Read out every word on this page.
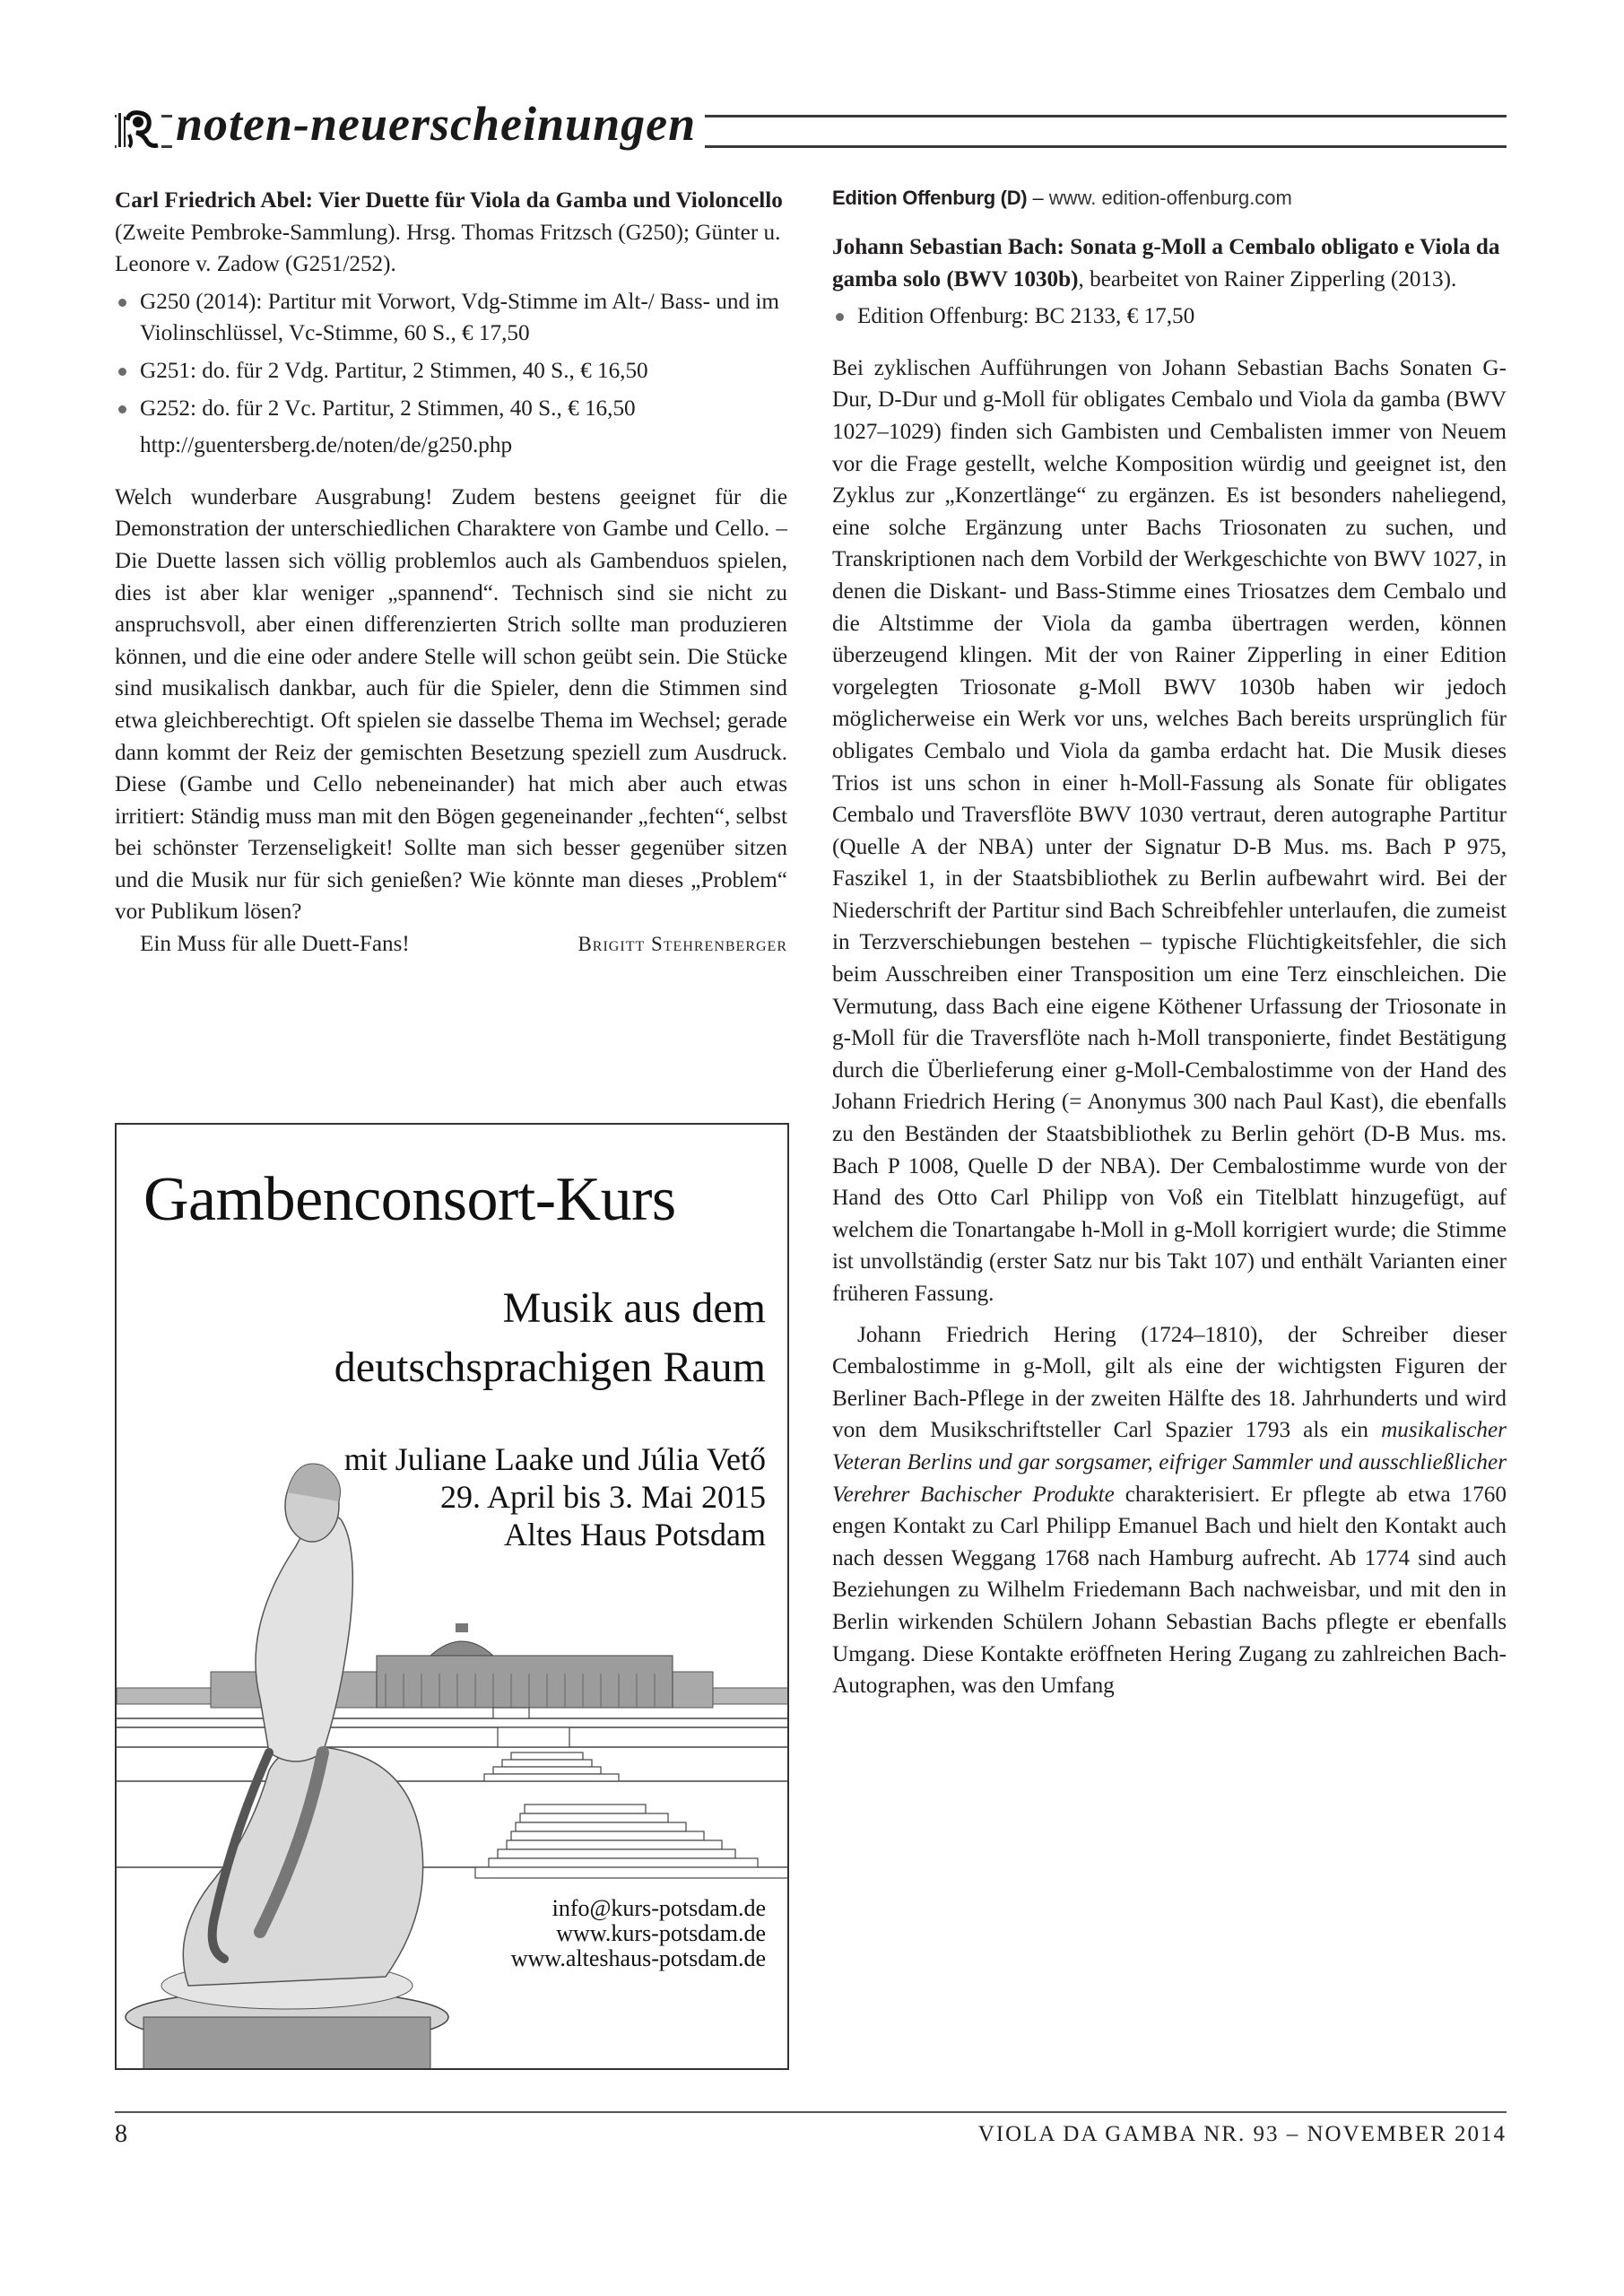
noten-neuerscheinungen

Carl Friedrich Abel: Vier Duette für Viola da Gamba und Violoncello (Zweite Pembroke-Sammlung). Hrsg. Thomas Fritzsch (G250); Günter u. Leonore v. Zadow (G251/252).

G250 (2014): Partitur mit Vorwort, Vdg-Stimme im Alt-/ Bass- und im Violinschlüssel, Vc-Stimme, 60 S., € 17,50
G251: do. für 2 Vdg. Partitur, 2 Stimmen, 40 S., € 16,50
G252: do. für 2 Vc. Partitur, 2 Stimmen, 40 S., € 16,50

http://guentersberg.de/noten/de/g250.php

Welch wunderbare Ausgrabung! Zudem bestens geeignet für die Demonstration der unterschiedlichen Charaktere von Gambe und Cello. – Die Duette lassen sich völlig problemlos auch als Gambenduos spielen, dies ist aber klar weniger „spannend“. Technisch sind sie nicht zu anspruchsvoll, aber einen differenzierten Strich sollte man produzieren können, und die eine oder andere Stelle will schon geübt sein. Die Stücke sind musikalisch dankbar, auch für die Spieler, denn die Stimmen sind etwa gleichberechtigt. Oft spielen sie dasselbe Thema im Wechsel; gerade dann kommt der Reiz der gemischten Besetzung speziell zum Ausdruck. Diese (Gambe und Cello nebeneinander) hat mich aber auch etwas irritiert: Ständig muss man mit den Bögen gegeneinander „fechten“, selbst bei schönster Terzenseligkeit! Sollte man sich besser gegenüber sitzen und die Musik nur für sich genießen? Wie könnte man dieses „Problem“ vor Publikum lösen?

Ein Muss für alle Duett-Fans!	Brigitt Stehrenberger

Gambenconsort-Kurs
Musik aus dem
deutschsprachigen Raum
mit Juliane Laake und Júlia Vető
29. April bis 3. Mai 2015
Altes Haus Potsdam
info@kurs-potsdam.de
www.kurs-potsdam.de
www.alteshaus-potsdam.de

Edition Offenburg (D) – www. edition-offenburg.com

Johann Sebastian Bach: Sonata g-Moll a Cembalo obligato e Viola da gamba solo (BWV 1030b), bearbeitet von Rainer Zipperling (2013).

Edition Offenburg: BC 2133, € 17,50

Bei zyklischen Aufführungen von Johann Sebastian Bachs Sonaten G-Dur, D-Dur und g-Moll für obligates Cembalo und Viola da gamba (BWV 1027–1029) finden sich Gambisten und Cembalisten immer von Neuem vor die Frage gestellt, welche Komposition würdig und geeignet ist, den Zyklus zur „Konzertlänge“ zu ergänzen. Es ist besonders naheliegend, eine solche Ergänzung unter Bachs Triosonaten zu suchen, und Transkriptionen nach dem Vorbild der Werkgeschichte von BWV 1027, in denen die Diskant- und Bass-Stimme eines Triosatzes dem Cembalo und die Altstimme der Viola da gamba übertragen werden, können überzeugend klingen. Mit der von Rainer Zipperling in einer Edition vorgelegten Triosonate g-Moll BWV 1030b haben wir jedoch möglicherweise ein Werk vor uns, welches Bach bereits ursprünglich für obligates Cembalo und Viola da gamba erdacht hat. Die Musik dieses Trios ist uns schon in einer h-Moll-Fassung als Sonate für obligates Cembalo und Traversflöte BWV 1030 vertraut, deren autographe Partitur (Quelle A der NBA) unter der Signatur D-B Mus. ms. Bach P 975, Faszikel 1, in der Staatsbibliothek zu Berlin aufbewahrt wird. Bei der Niederschrift der Partitur sind Bach Schreibfehler unterlaufen, die zumeist in Terzverschiebungen bestehen – typische Flüchtigkeitsfehler, die sich beim Ausschreiben einer Transposition um eine Terz einschleichen. Die Vermutung, dass Bach eine eigene Köthener Urfassung der Triosonate in g-Moll für die Traversflöte nach h-Moll transponierte, findet Bestätigung durch die Überlieferung einer g-Moll-Cembalostimme von der Hand des Johann Friedrich Hering (= Anonymus 300 nach Paul Kast), die ebenfalls zu den Beständen der Staatsbibliothek zu Berlin gehört (D-B Mus. ms. Bach P 1008, Quelle D der NBA). Der Cembalostimme wurde von der Hand des Otto Carl Philipp von Voß ein Titelblatt hinzugefügt, auf welchem die Tonartangabe h-Moll in g-Moll korrigiert wurde; die Stimme ist unvollständig (erster Satz nur bis Takt 107) und enthält Varianten einer früheren Fassung.

Johann Friedrich Hering (1724–1810), der Schreiber dieser Cembalostimme in g-Moll, gilt als eine der wichtigsten Figuren der Berliner Bach-Pflege in der zweiten Hälfte des 18. Jahrhunderts und wird von dem Musikschriftsteller Carl Spazier 1793 als ein musikalischer Veteran Berlins und gar sorgsamer, eifriger Sammler und ausschließlicher Verehrer Bachischer Produkte charakterisiert. Er pflegte ab etwa 1760 engen Kontakt zu Carl Philipp Emanuel Bach und hielt den Kontakt auch nach dessen Weggang 1768 nach Hamburg aufrecht. Ab 1774 sind auch Beziehungen zu Wilhelm Friedemann Bach nachweisbar, und mit den in Berlin wirkenden Schülern Johann Sebastian Bachs pflegte er ebenfalls Umgang. Diese Kontakte eröffneten Hering Zugang zu zahlreichen Bach-Autographen, was den Umfang

8	VIOLA DA GAMBA NR. 93 – NOVEMBER 2014
